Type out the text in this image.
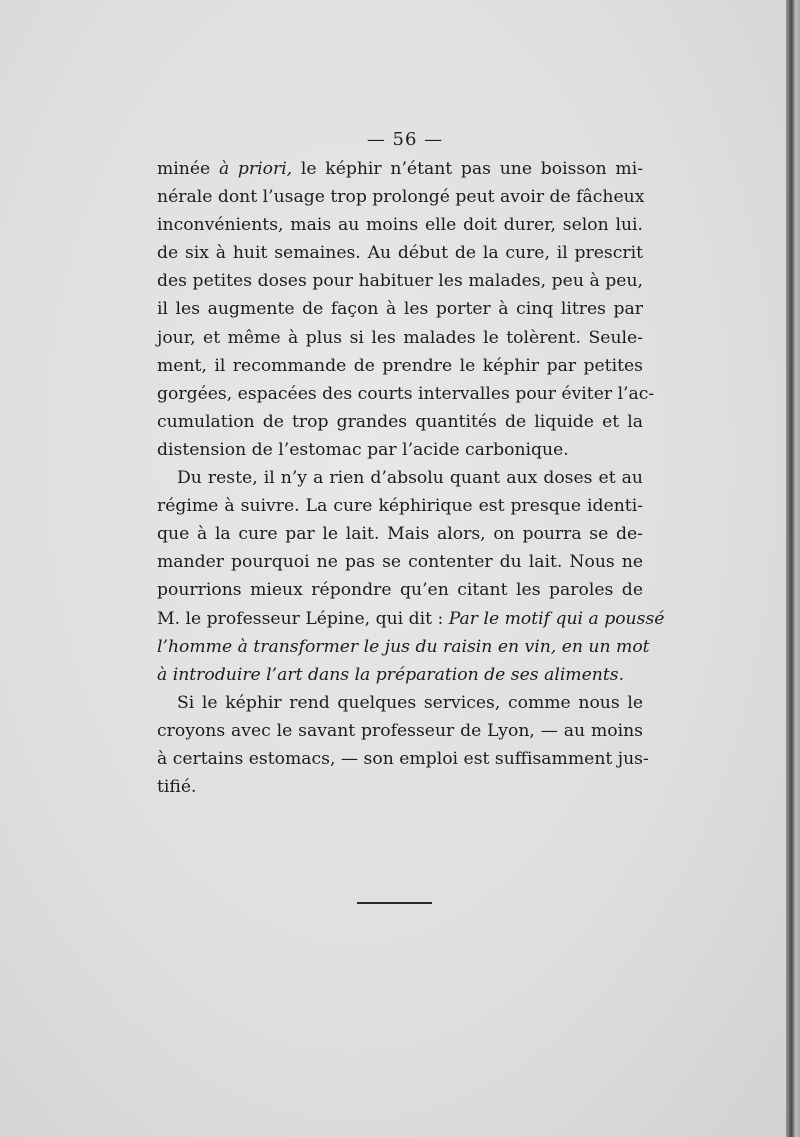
— 56 —
minée à priori, le képhir n’étant pas une boisson mi-
nérale dont l’usage trop prolongé peut avoir de fâcheux
inconvénients, mais au moins elle doit durer, selon lui.
de six à huit semaines. Au début de la cure, il prescrit
des petites doses pour habituer les malades, peu à peu,
il les augmente de façon à les porter à cinq litres par
jour, et même à plus si les malades le tolèrent. Seule-
ment, il recommande de prendre le képhir par petites
gorgées, espacées des courts intervalles pour éviter l’ac-
cumulation de trop grandes quantités de liquide et la
distension de l’estomac par l’acide carbonique.
Du reste, il n’y a rien d’absolu quant aux doses et au
régime à suivre. La cure képhirique est presque identi-
que à la cure par le lait. Mais alors, on pourra se de-
mander pourquoi ne pas se contenter du lait. Nous ne
pourrions mieux répondre qu’en citant les paroles de
M. le professeur Lépine, qui dit : Par le motif qui a poussé
l’homme à transformer le jus du raisin en vin, en un mot
à introduire l’art dans la préparation de ses aliments.
Si le képhir rend quelques services, comme nous le
croyons avec le savant professeur de Lyon, — au moins
à certains estomacs, — son emploi est suffisamment jus-
tifié.
